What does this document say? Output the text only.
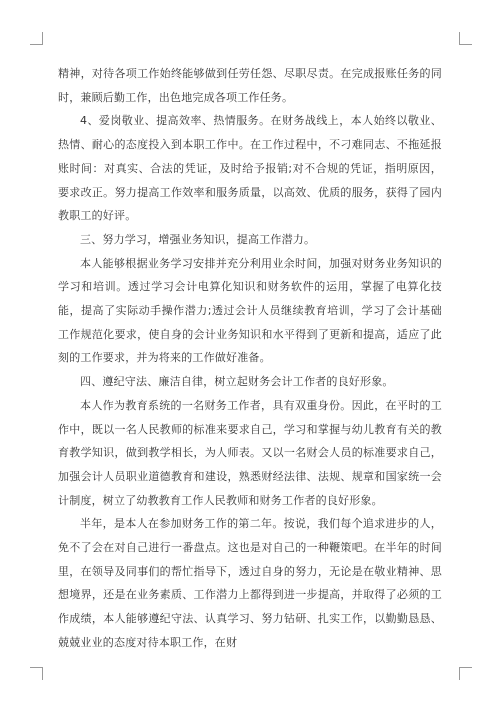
精神，对待各项工作始终能够做到任劳任怨、尽职尽责。在完成报账任务的同时，兼顾后勤工作，出色地完成各项工作任务。

4、爱岗敬业、提高效率、热情服务。在财务战线上，本人始终以敬业、热情、耐心的态度投入到本职工作中。在工作过程中，不刁难同志、不拖延报账时间：对真实、合法的凭证，及时给予报销;对不合规的凭证，指明原因，要求改正。努力提高工作效率和服务质量，以高效、优质的服务，获得了园内教职工的好评。

三、努力学习，增强业务知识，提高工作潜力。

本人能够根据业务学习安排并充分利用业余时间，加强对财务业务知识的学习和培训。透过学习会计电算化知识和财务软件的运用，掌握了电算化技能，提高了实际动手操作潜力;透过会计人员继续教育培训，学习了会计基础工作规范化要求，使自身的会计业务知识和水平得到了更新和提高，适应了此刻的工作要求，并为将来的工作做好准备。

四、遵纪守法、廉洁自律，树立起财务会计工作者的良好形象。

本人作为教育系统的一名财务工作者，具有双重身份。因此，在平时的工作中，既以一名人民教师的标准来要求自己，学习和掌握与幼儿教育有关的教育教学知识，做到教学相长，为人师表。又以一名财会人员的标准要求自己，加强会计人员职业道德教育和建设，熟悉财经法律、法规、规章和国家统一会计制度，树立了幼教教育工作人民教师和财务工作者的良好形象。

半年，是本人在参加财务工作的第二年。按说，我们每个追求进步的人，免不了会在对自己进行一番盘点。这也是对自己的一种鞭策吧。在半年的时间里，在领导及同事们的帮忙指导下，透过自身的努力，无论是在敬业精神、思想境界，还是在业务素质、工作潜力上都得到进一步提高，并取得了必须的工作成绩，本人能够遵纪守法、认真学习、努力钻研、扎实工作，以勤勤恳恳、兢兢业业的态度对待本职工作，在财
